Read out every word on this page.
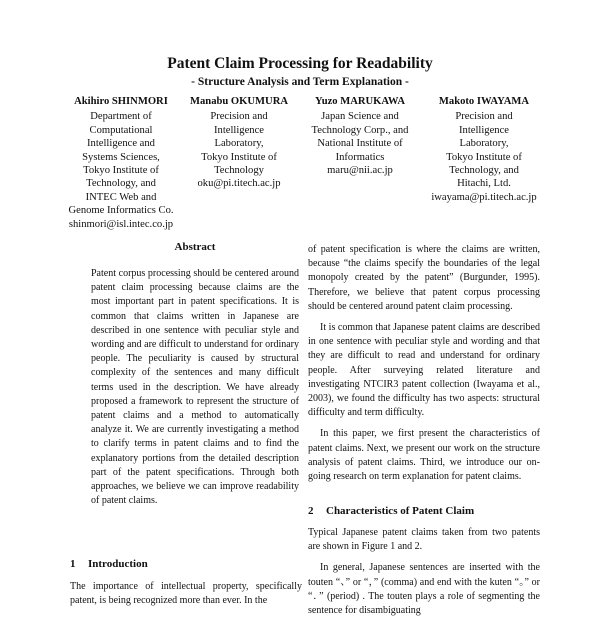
Patent Claim Processing for Readability
- Structure Analysis and Term Explanation -
Akihiro SHINMORI
Department of
Computational
Intelligence and
Systems Sciences,
Tokyo Institute of
Technology, and
INTEC Web and
Genome Informatics Co.
shinmori@isl.intec.co.jp
Manabu OKUMURA
Precision and
Intelligence
Laboratory,
Tokyo Institute of
Technology
oku@pi.titech.ac.jp
Yuzo MARUKAWA
Japan Science and
Technology Corp., and
National Institute of
Informatics
maru@nii.ac.jp
Makoto IWAYAMA
Precision and
Intelligence
Laboratory,
Tokyo Institute of
Technology, and
Hitachi, Ltd.
iwayama@pi.titech.ac.jp
Abstract

Patent corpus processing should be centered around patent claim processing because claims are the most important part in patent specifications. It is common that claims written in Japanese are described in one sentence with peculiar style and wording and are difficult to understand for ordinary people. The peculiarity is caused by structural complexity of the sentences and many difficult terms used in the description. We have already proposed a framework to represent the structure of patent claims and a method to automatically analyze it. We are currently investigating a method to clarify terms in patent claims and to find the explanatory portions from the detailed description part of the patent specifications. Through both approaches, we believe we can improve readability of patent claims.

1 Introduction

The importance of intellectual property, specifically patent, is being recognized more than ever. In the

of patent specification is where the claims are written, because “the claims specify the boundaries of the legal monopoly created by the patent” (Burgunder, 1995). Therefore, we believe that patent corpus processing should be centered around patent claim processing.

It is common that Japanese patent claims are described in one sentence with peculiar style and wording and that they are difficult to read and understand for ordinary people. After surveying related literature and investigating NTCIR3 patent collection (Iwayama et al., 2003), we found the difficulty has two aspects: structural difficulty and term difficulty.

In this paper, we first present the characteristics of patent claims. Next, we present our work on the structure analysis of patent claims. Third, we introduce our on-going research on term explanation for patent claims.

2 Characteristics of Patent Claim

Typical Japanese patent claims taken from two patents are shown in Figure 1 and 2.

In general, Japanese sentences are inserted with the touten “、” or “，” (comma) and end with the kuten “。” or “．” (period) . The touten plays a role of segmenting the sentence for disambiguating
